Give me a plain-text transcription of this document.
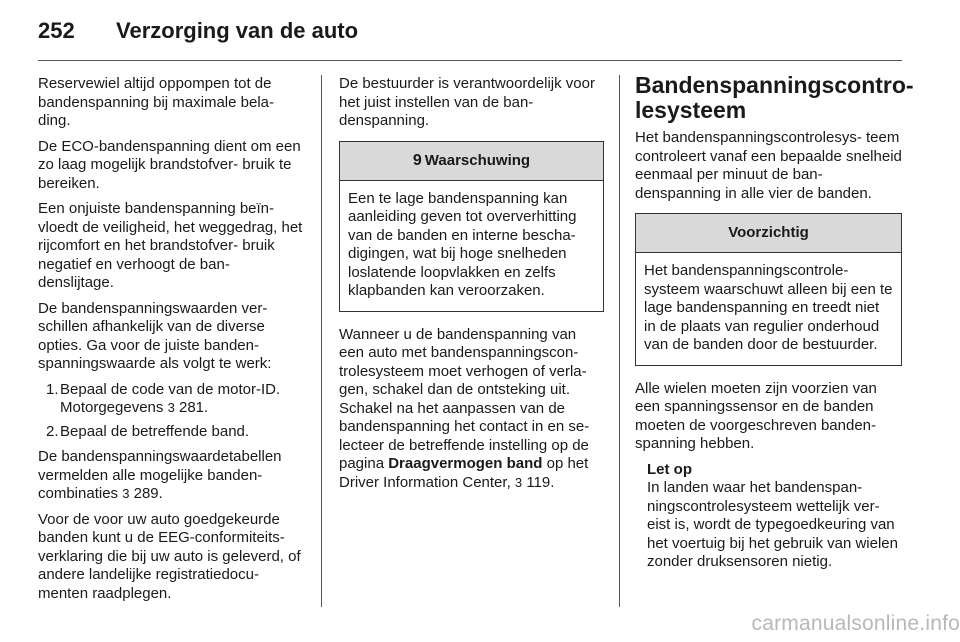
252 Verzorging van de auto

Reservewiel altijd oppompen tot de bandenspanning bij maximale bela- ding.

De ECO-bandenspanning dient om een zo laag mogelijk brandstofver- bruik te bereiken.

Een onjuiste bandenspanning beïn- vloedt de veiligheid, het weggedrag, het rijcomfort en het brandstofver- bruik negatief en verhoogt de ban- denslijtage.

De bandenspanningswaarden ver- schillen afhankelijk van de diverse opties. Ga voor de juiste banden- spanningswaarde als volgt te werk:

1. Bepaal de code van de motor-ID. Motorgegevens 3 281.
2. Bepaal de betreffende band.

De bandenspanningswaardetabellen vermelden alle mogelijke banden- combinaties 3 289.

Voor de voor uw auto goedgekeurde banden kunt u de EEG-conformiteits- verklaring die bij uw auto is geleverd, of andere landelijke registratiedocu- menten raadplegen.

De bestuurder is verantwoordelijk voor het juist instellen van de ban- denspanning.

9 Waarschuwing
Een te lage bandenspanning kan aanleiding geven tot oververhitting van de banden en interne bescha- digingen, wat bij hoge snelheden loslatende loopvlakken en zelfs klapbanden kan veroorzaken.

Wanneer u de bandenspanning van een auto met bandenspanningscon- trolesysteem moet verhogen of verla- gen, schakel dan de ontsteking uit. Schakel na het aanpassen van de bandenspanning het contact in en se- lecteer de betreffende instelling op de pagina Draagvermogen band op het Driver Information Center, 3 119.

Bandenspanningscontro- lesysteem

Het bandenspanningscontrolesys- teem controleert vanaf een bepaalde snelheid eenmaal per minuut de ban- denspanning in alle vier de banden.

Voorzichtig
Het bandenspanningscontrole- systeem waarschuwt alleen bij een te lage bandenspanning en treedt niet in de plaats van regulier onderhoud van de banden door de bestuurder.

Alle wielen moeten zijn voorzien van een spanningssensor en de banden moeten de voorgeschreven banden- spanning hebben.

Let op
In landen waar het bandenspan- ningscontrolesysteem wettelijk ver- eist is, wordt de typegoedkeuring van het voertuig bij het gebruik van wielen zonder druksensoren nietig.
carmanualsonline.info
